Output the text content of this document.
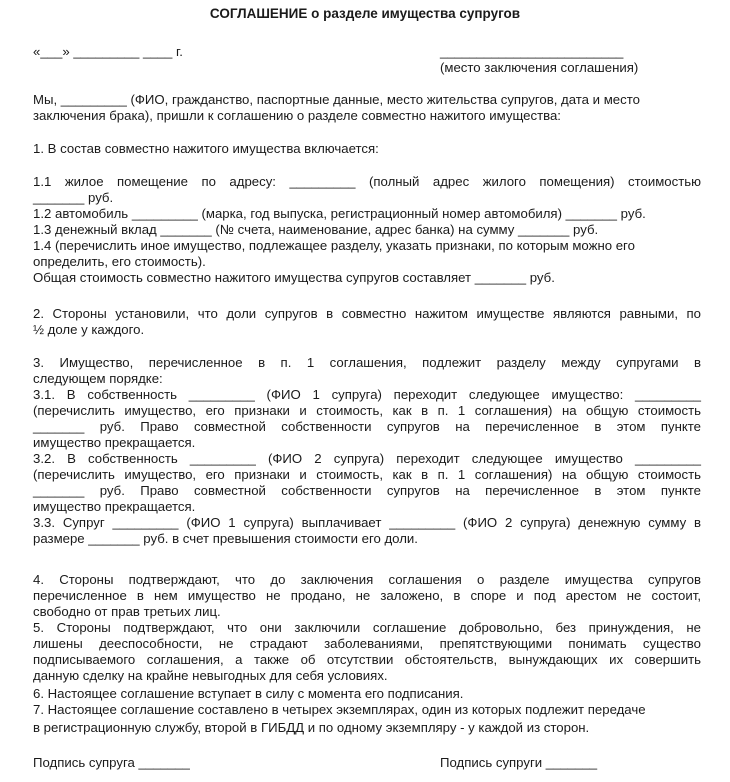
СОГЛАШЕНИЕ о разделе имущества супругов
«___» _________ ____ г.	_________________________
(место заключения соглашения)
Мы, _________ (ФИО, гражданство, паспортные данные, место жительства супругов, дата и место
заключения брака), пришли к соглашению о разделе совместно нажитого имущества:
1. В состав совместно нажитого имущества включается:
1.1 жилое помещение по адресу: _________ (полный адрес жилого помещения) стоимостью
_______ руб.
1.2 автомобиль _________ (марка, год выпуска, регистрационный номер автомобиля) _______ руб.
1.3 денежный вклад _______ (№ счета, наименование, адрес банка) на сумму _______ руб.
1.4 (перечислить иное имущество, подлежащее разделу, указать признаки, по которым можно его
определить, его стоимость).
Общая стоимость совместно нажитого имущества супругов составляет _______ руб.
2. Стороны установили, что доли супругов в совместно нажитом имуществе являются равными, по
½ доле у каждого.
3. Имущество, перечисленное в п. 1 соглашения, подлежит разделу между супругами в
следующем порядке:
3.1. В собственность _________ (ФИО 1 супруга) переходит следующее имущество: _________
(перечислить имущество, его признаки и стоимость, как в п. 1 соглашения) на общую стоимость
_______ руб. Право совместной собственности супругов на перечисленное в этом пункте
имущество прекращается.
3.2. В собственность _________ (ФИО 2 супруга) переходит следующее имущество _________
(перечислить имущество, его признаки и стоимость, как в п. 1 соглашения) на общую стоимость
_______ руб. Право совместной собственности супругов на перечисленное в этом пункте
имущество прекращается.
3.3. Супруг _________ (ФИО 1 супруга) выплачивает _________ (ФИО 2 супруга) денежную сумму в
размере _______ руб. в счет превышения стоимости его доли.
4. Стороны подтверждают, что до заключения соглашения о разделе имущества супругов
перечисленное в нем имущество не продано, не заложено, в споре и под арестом не состоит,
свободно от прав третьих лиц.
5. Стороны подтверждают, что они заключили соглашение добровольно, без принуждения, не
лишены дееспособности, не страдают заболеваниями, препятствующими понимать существо
подписываемого соглашения, а также об отсутствии обстоятельств, вынуждающих их совершить
данную сделку на крайне невыгодных для себя условиях.
6. Настоящее соглашение вступает в силу с момента его подписания.
7. Настоящее соглашение составлено в четырех экземплярах, один из которых подлежит передаче
в регистрационную службу, второй в ГИБДД и по одному экземпляру - у каждой из сторон.
Подпись супруга _______	Подпись супруги _______
